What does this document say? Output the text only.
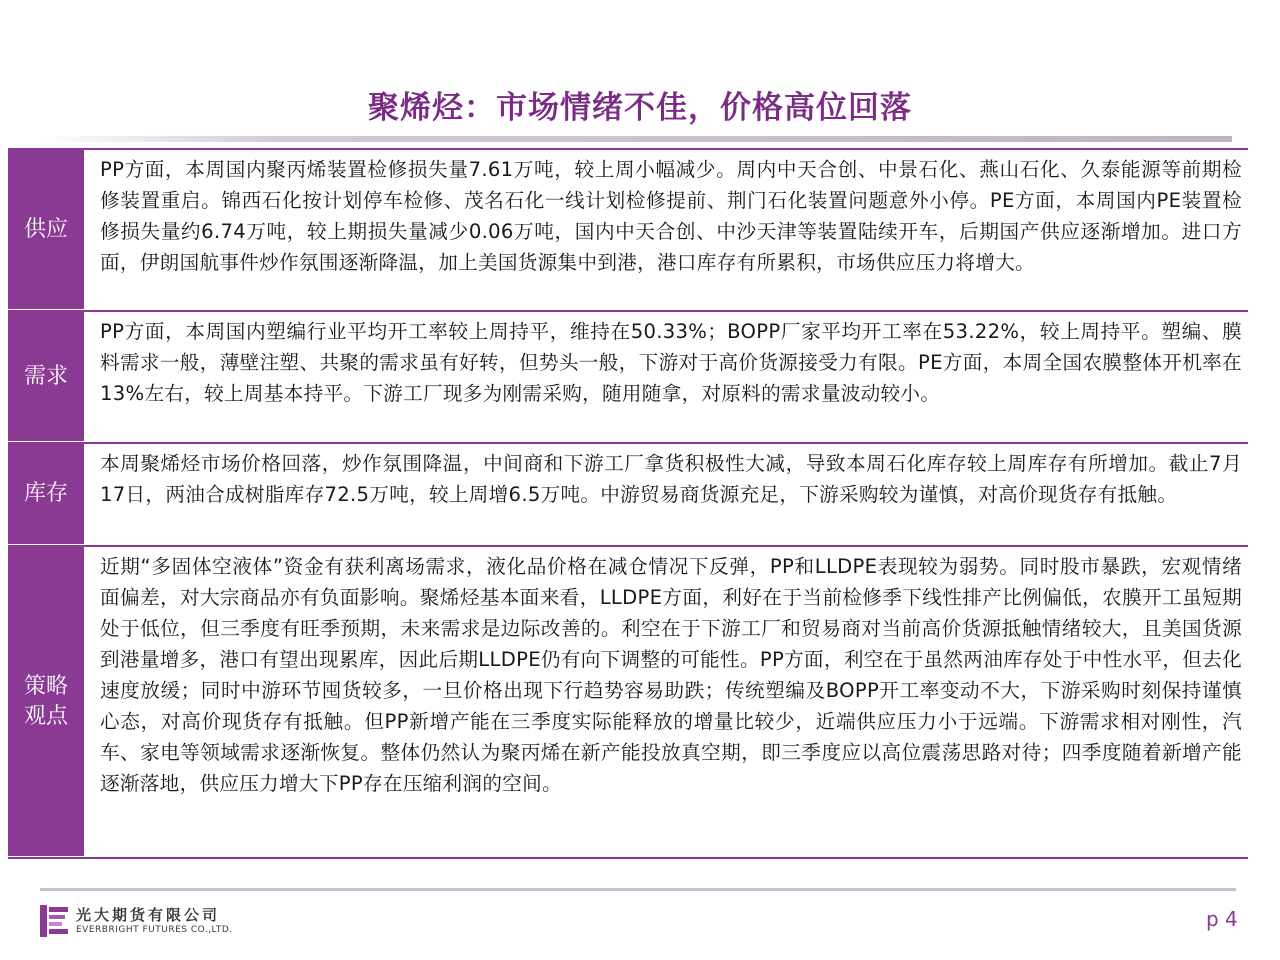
聚烯烃：市场情绪不佳，价格高位回落
供应
PP方面，本周国内聚丙烯装置检修损失量7.61万吨，较上周小幅减少。周内中天合创、中景石化、燕山石化、久泰能源等前期检修装置重启。锦西石化按计划停车检修、茂名石化一线计划检修提前、荆门石化装置问题意外小停。PE方面，本周国内PE装置检修损失量约6.74万吨，较上期损失量减少0.06万吨，国内中天合创、中沙天津等装置陆续开车，后期国产供应逐渐增加。进口方面，伊朗国航事件炒作氛围逐渐降温，加上美国货源集中到港，港口库存有所累积，市场供应压力将增大。
需求
PP方面，本周国内塑编行业平均开工率较上周持平，维持在50.33%；BOPP厂家平均开工率在53.22%，较上周持平。塑编、膜料需求一般，薄壁注塑、共聚的需求虽有好转，但势头一般，下游对于高价货源接受力有限。PE方面，本周全国农膜整体开机率在13%左右，较上周基本持平。下游工厂现多为刚需采购，随用随拿，对原料的需求量波动较小。
库存
本周聚烯烃市场价格回落，炒作氛围降温，中间商和下游工厂拿货积极性大减，导致本周石化库存较上周库存有所增加。截止7月17日，两油合成树脂库存72.5万吨，较上周增6.5万吨。中游贸易商货源充足，下游采购较为谨慎，对高价现货存有抵触。
策略观点
近期“多固体空液体”资金有获利离场需求，液化品价格在减仓情况下反弹，PP和LLDPE表现较为弱势。同时股市暴跌，宏观情绪面偏差，对大宗商品亦有负面影响。聚烯烃基本面来看，LLDPE方面，利好在于当前检修季下线性排产比例偏低，农膜开工虽短期处于低位，但三季度有旺季预期，未来需求是边际改善的。利空在于下游工厂和贸易商对当前高价货源抵触情绪较大，且美国货源到港量增多，港口有望出现累库，因此后期LLDPE仍有向下调整的可能性。PP方面，利空在于虽然两油库存处于中性水平，但去化速度放缓；同时中游环节囤货较多，一旦价格出现下行趋势容易助跌；传统塑编及BOPP开工率变动不大，下游采购时刻保持谨慎心态，对高价现货存有抵触。但PP新增产能在三季度实际能释放的增量比较少，近端供应压力小于远端。下游需求相对刚性，汽车、家电等领域需求逐渐恢复。整体仍然认为聚丙烯在新产能投放真空期，即三季度应以高位震荡思路对待；四季度随着新增产能逐渐落地，供应压力增大下PP存在压缩利润的空间。
光大期货有限公司
EVERBRIGHT FUTURES CO.,LTD.	p 4
